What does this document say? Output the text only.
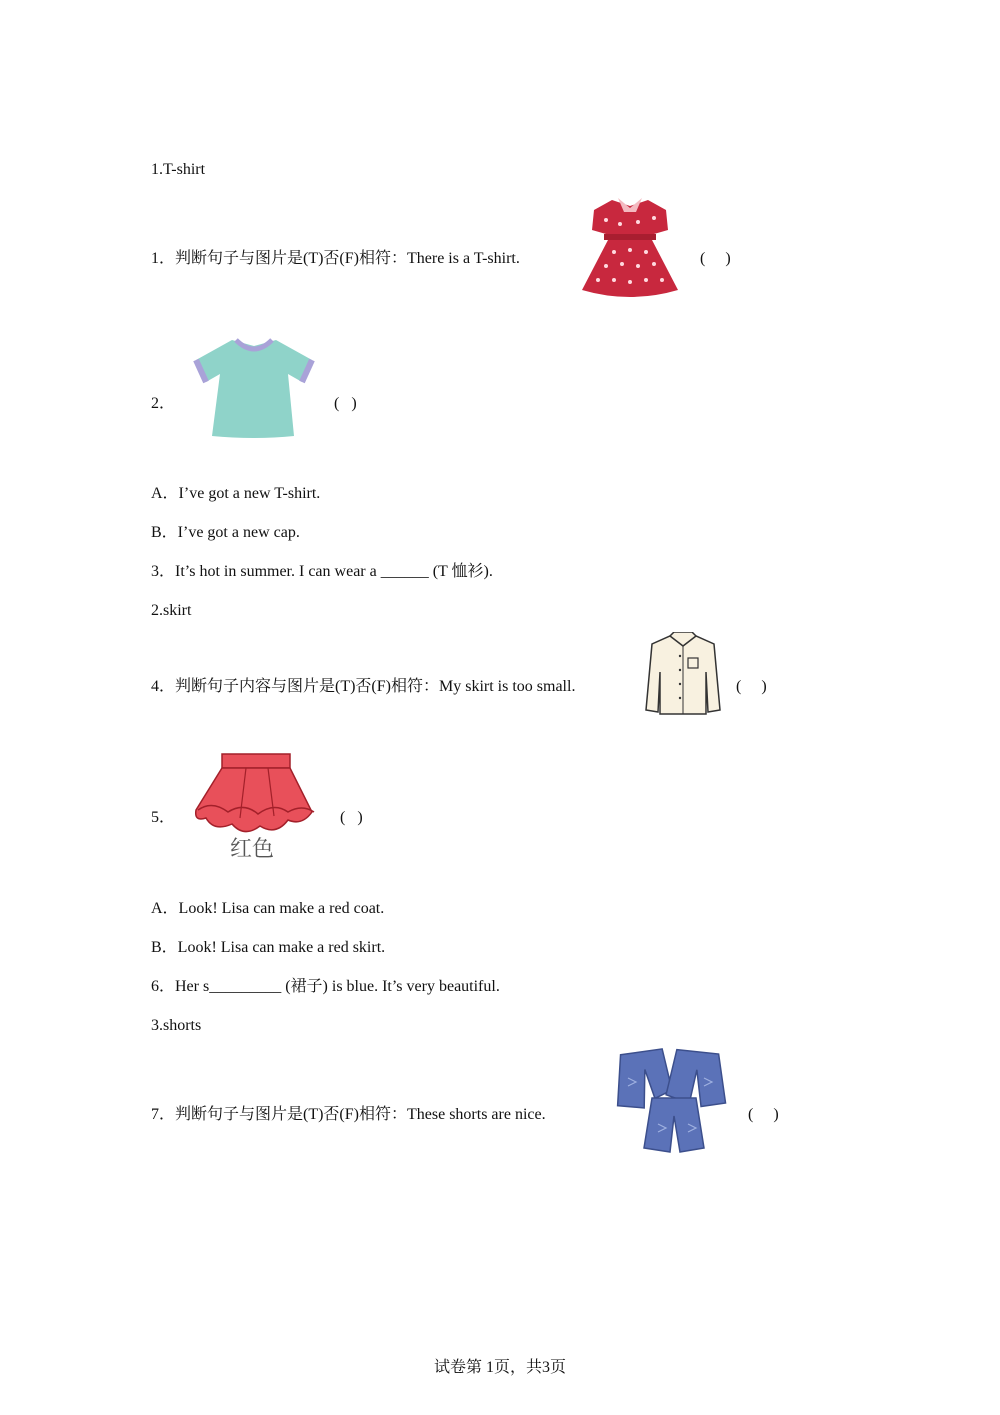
1.T-shirt
1．判断句子与图片是(T)否(F)相符：There is a T-shirt.	(     )
2．	(   )
A．I’ve got a new T-shirt.
B．I’ve got a new cap.
3．It’s hot in summer. I can wear a ______ (T 恤衫).
2.skirt
4．判断句子内容与图片是(T)否(F)相符：My skirt is too small.	(     )
5．
红色
(   )
A．Look! Lisa can make a red coat.
B．Look! Lisa can make a red skirt.
6．Her s_________ (裙子) is blue. It’s very beautiful.
3.shorts
7．判断句子与图片是(T)否(F)相符：These shorts are nice.	(     )
试卷第 1页，共3页
